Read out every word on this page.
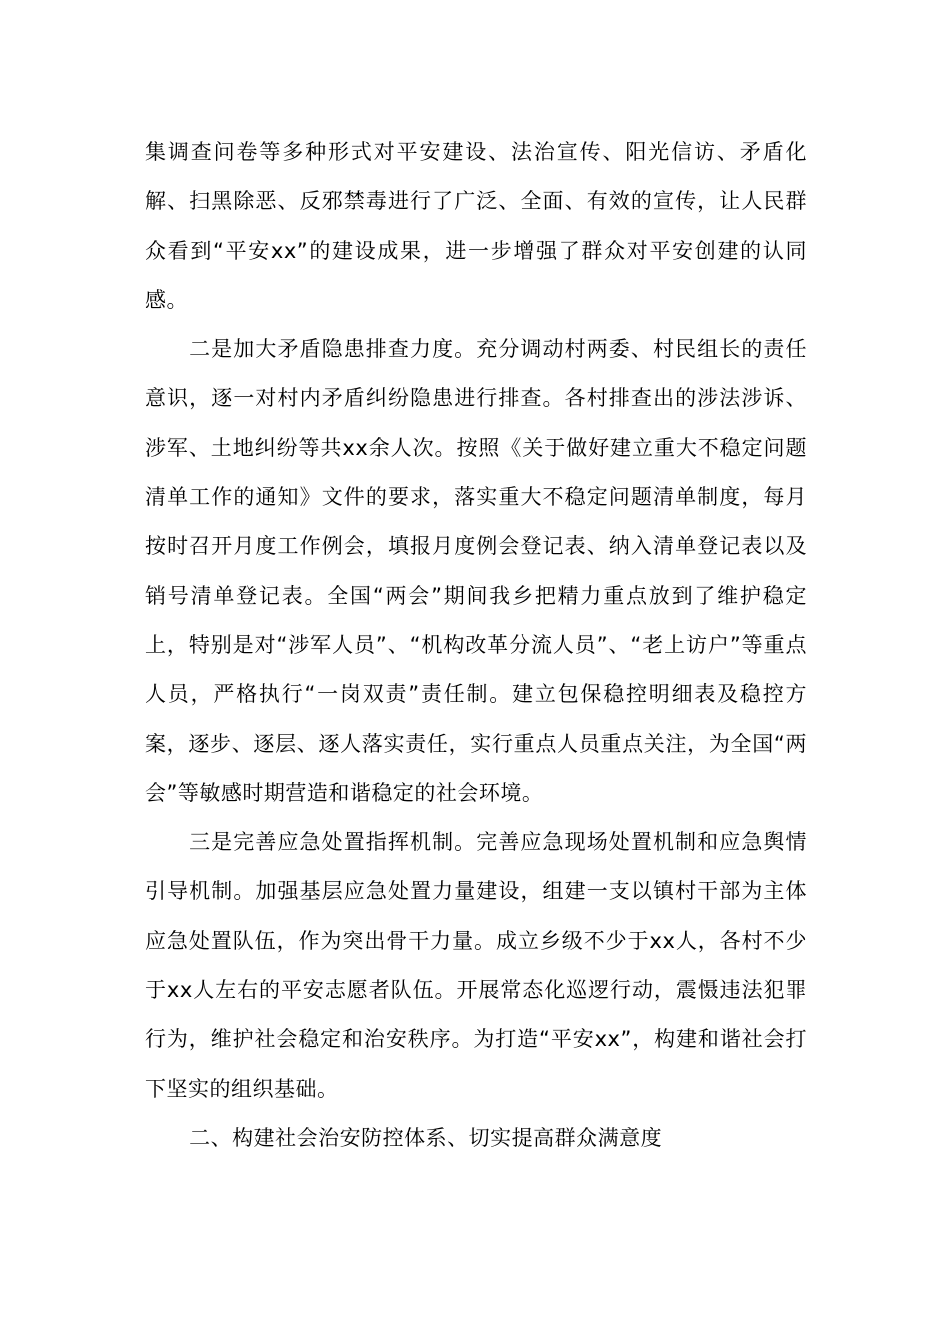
集调查问卷等多种形式对平安建设、法治宣传、阳光信访、矛盾化解、扫黑除恶、反邪禁毒进行了广泛、全面、有效的宣传，让人民群众看到“平安xx”的建设成果，进一步增强了群众对平安创建的认同感。

二是加大矛盾隐患排查力度。充分调动村两委、村民组长的责任意识，逐一对村内矛盾纠纷隐患进行排查。各村排查出的涉法涉诉、涉军、土地纠纷等共xx余人次。按照《关于做好建立重大不稳定问题清单工作的通知》文件的要求，落实重大不稳定问题清单制度，每月按时召开月度工作例会，填报月度例会登记表、纳入清单登记表以及销号清单登记表。全国“两会”期间我乡把精力重点放到了维护稳定上，特别是对“涉军人员”、“机构改革分流人员”、“老上访户”等重点人员，严格执行“一岗双责”责任制。建立包保稳控明细表及稳控方案，逐步、逐层、逐人落实责任，实行重点人员重点关注，为全国“两会”等敏感时期营造和谐稳定的社会环境。

三是完善应急处置指挥机制。完善应急现场处置机制和应急舆情引导机制。加强基层应急处置力量建设，组建一支以镇村干部为主体应急处置队伍，作为突出骨干力量。成立乡级不少于xx人，各村不少于xx人左右的平安志愿者队伍。开展常态化巡逻行动，震慑违法犯罪行为，维护社会稳定和治安秩序。为打造“平安xx”，构建和谐社会打下坚实的组织基础。

二、构建社会治安防控体系、切实提高群众满意度
